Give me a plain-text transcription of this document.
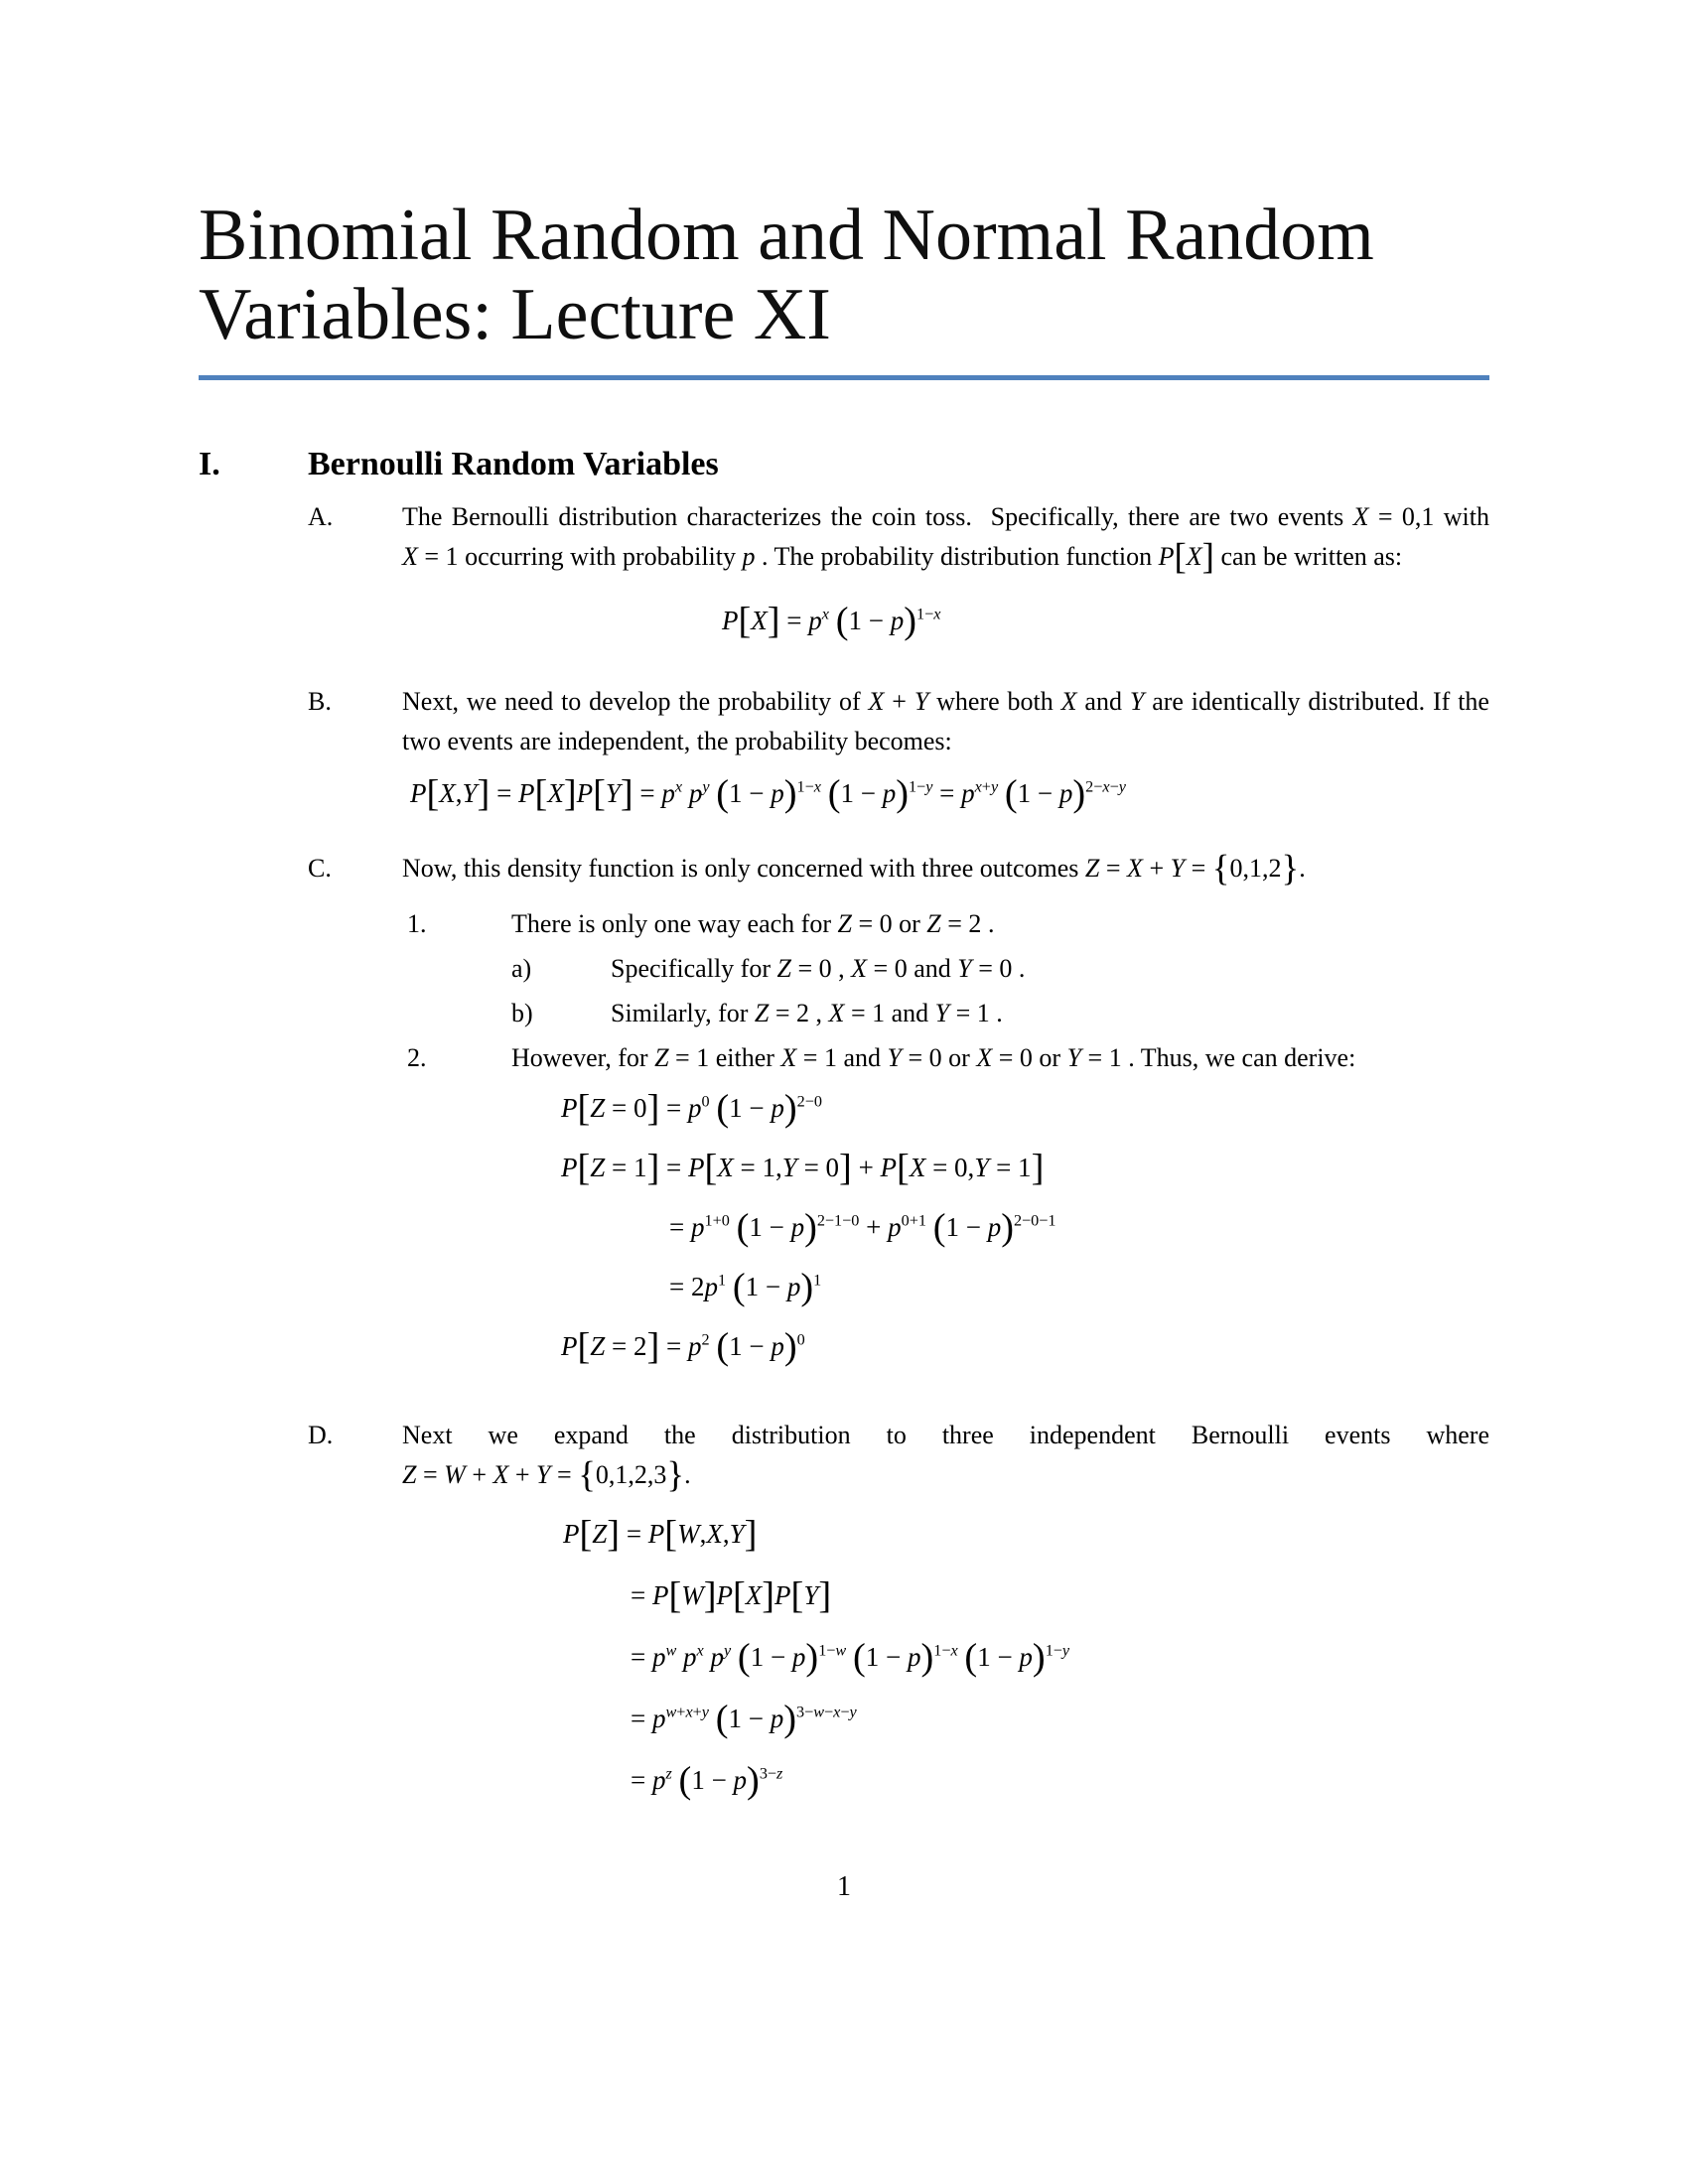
Binomial Random and Normal Random Variables: Lecture XI
I.	Bernoulli Random Variables
A.	The Bernoulli distribution characterizes the coin toss.  Specifically, there are two events X = 0,1 with X = 1 occurring with probability p . The probability distribution function P[X] can be written as:
$P[X] = p^x$ $(1 - p)^{1-x}$
B.	Next, we need to develop the probability of X + Y where both X and Y are identically distributed. If the two events are independent, the probability becomes:
$P[X,Y] = P[X]P[Y] = p^x$ $p^y$ $(1 - p)^{1-x}$ $(1 - p)^{1-y} = p^{x+y}$ $(1 - p)^{2-x-y}$
C.	Now, this density function is only concerned with three outcomes Z = X + Y = {0,1,2}.
1.	There is only one way each for Z = 0 or Z = 2 .
a)	Specifically for Z = 0 , X = 0 and Y = 0 .
b)	Similarly, for Z = 2 , X = 1 and Y = 1 .
2.	However, for Z = 1 either X = 1 and Y = 0 or X = 0 or Y = 1 . Thus, we can derive:
$P[Z = 0] = p^0$ $(1 - p)^{2-0}$
P[Z = 1] = P[X = 1,Y = 0] + P[X = 0,Y = 1]
= $p^{1+0}$ $(1 - p)^{2-1-0} + p^{0+1}$ $(1 - p)^{2-0-1}$
= $2p^1$ $(1 - p)^1$
$P[Z = 2] = p^2$ $(1 - p)^0$
D.	Next we expand the distribution to three independent Bernoulli events where Z = W + X + Y = {0,1,2,3}.
P[Z] = P[W,X,Y]
= P[W]P[X]P[Y]
= $p^w$ $p^x$ $p^y$ $(1 - p)^{1-w}$ $(1 - p)^{1-x}$ $(1 - p)^{1-y}$
= $p^{w+x+y}$ $(1 - p)^{3-w-x-y}$
= $p^z$ $(1 - p)^{3-z}$
1
